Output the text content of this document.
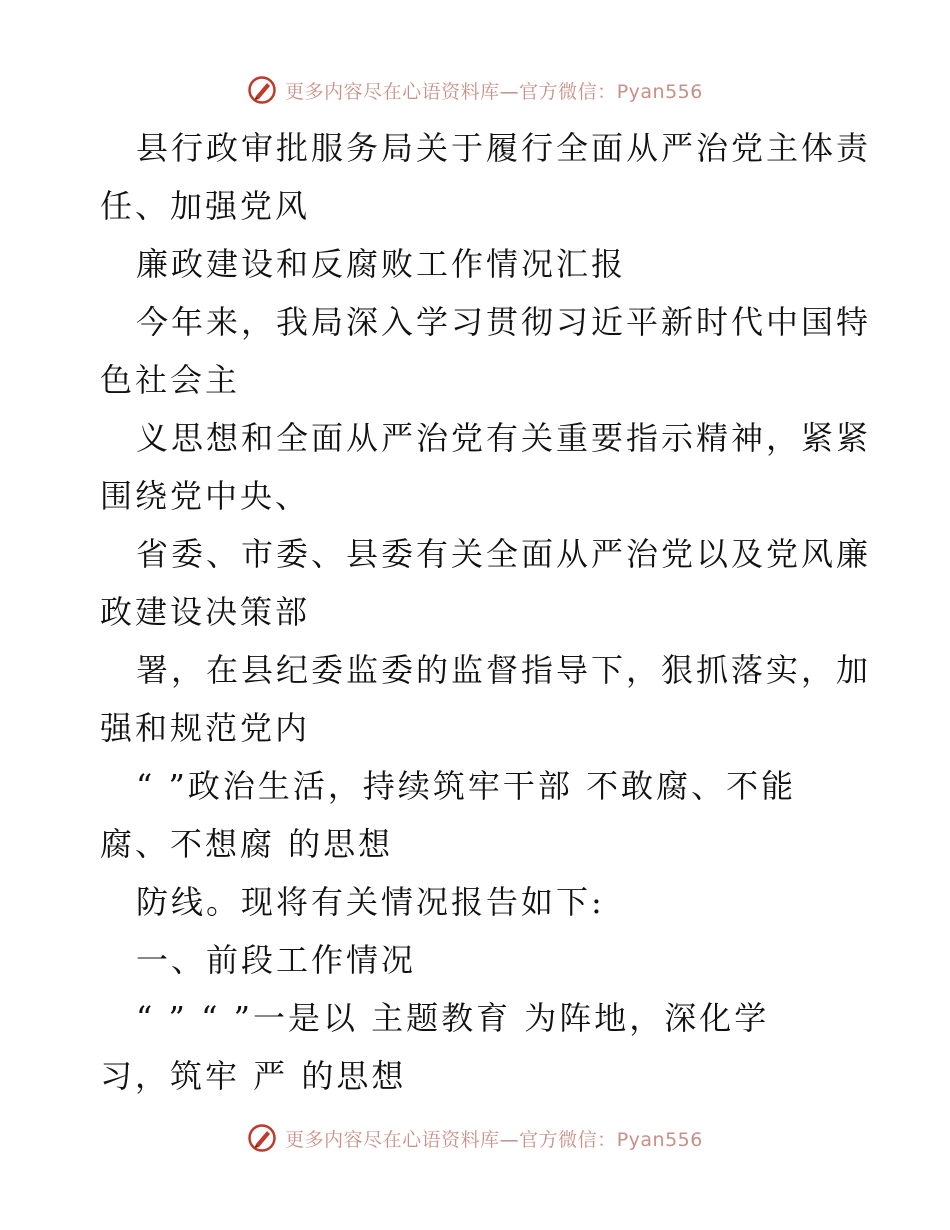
更多内容尽在心语资料库—官方微信：Pyan556
县行政审批服务局关于履行全面从严治党主体责
任、加强党风
廉政建设和反腐败工作情况汇报
今年来，我局深入学习贯彻习近平新时代中国特
色社会主
义思想和全面从严治党有关重要指示精神，紧紧
围绕党中央、
省委、市委、县委有关全面从严治党以及党风廉
政建设决策部
署，在县纪委监委的监督指导下，狠抓落实，加
强和规范党内
“ ”政治生活，持续筑牢干部 不敢腐、不能
腐、不想腐 的思想
防线。现将有关情况报告如下:
一、前段工作情况
“ ” “ ”一是以 主题教育 为阵地，深化学
习，筑牢 严 的思想
更多内容尽在心语资料库—官方微信：Pyan556
